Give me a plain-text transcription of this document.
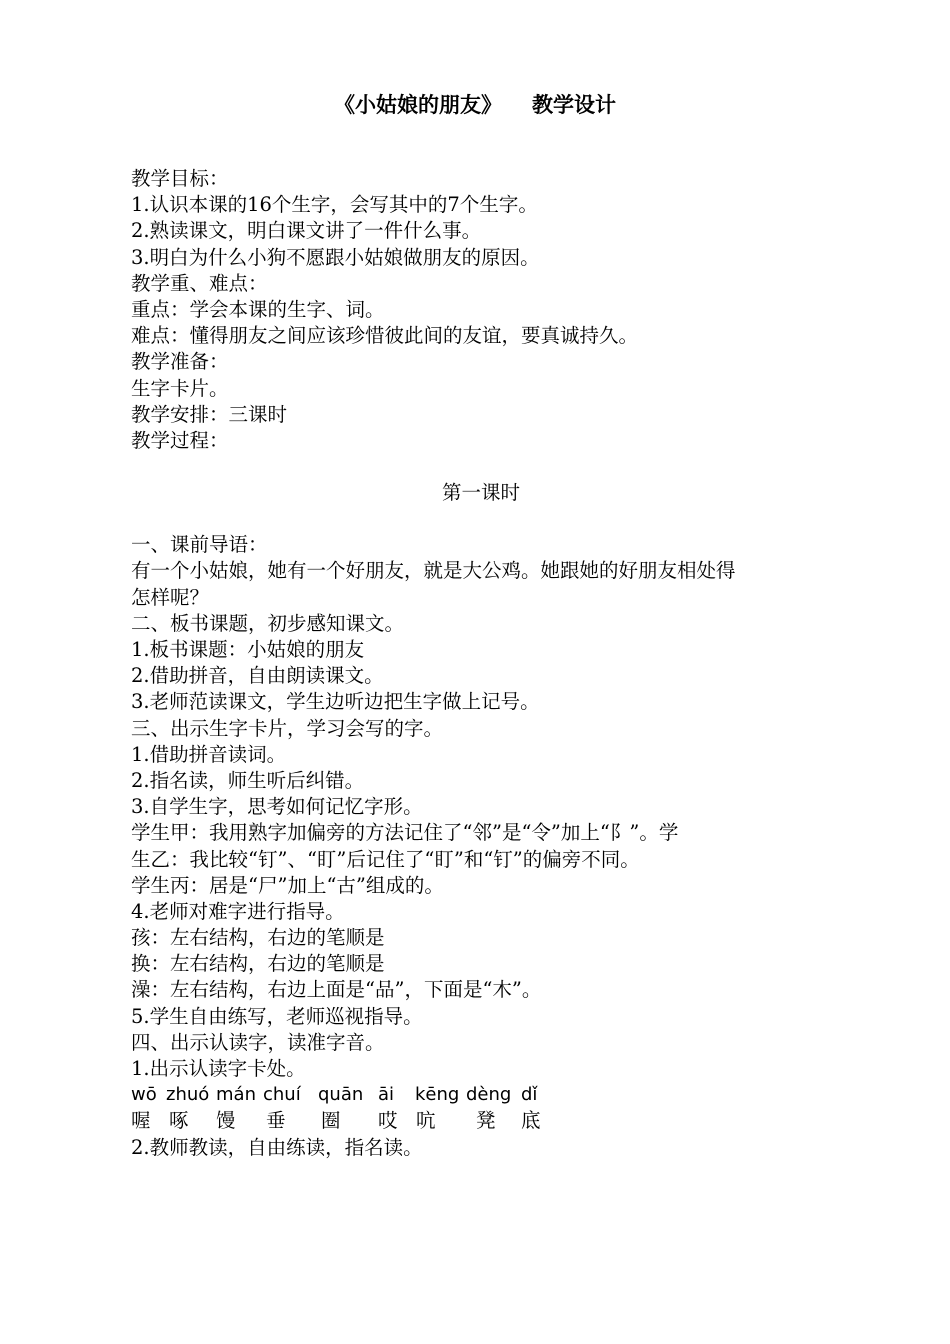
《小姑娘的朋友》 教学设计
教学目标：
1.认识本课的16个生字，会写其中的7个生字。
2.熟读课文，明白课文讲了一件什么事。
3.明白为什么小狗不愿跟小姑娘做朋友的原因。
教学重、难点：
重点：学会本课的生字、词。
难点：懂得朋友之间应该珍惜彼此间的友谊，要真诚持久。
教学准备：
生字卡片。
教学安排：三课时
教学过程：
第一课时
一、课前导语：
有一个小姑娘，她有一个好朋友，就是大公鸡。她跟她的好朋友相处得
怎样呢？
二、板书课题，初步感知课文。
1.板书课题：小姑娘的朋友
2.借助拼音，自由朗读课文。
3.老师范读课文，学生边听边把生字做上记号。
三、出示生字卡片，学习会写的字。
1.借助拼音读词。
2.指名读，师生听后纠错。
3.自学生字，思考如何记忆字形。
学生甲：我用熟字加偏旁的方法记住了“邻”是“令”加上“阝”。学
生乙：我比较“钉”、“盯”后记住了“盯”和“钉”的偏旁不同。
学生丙：居是“尸”加上“古”组成的。
4.老师对难字进行指导。
孩：左右结构，右边的笔顺是
换：左右结构，右边的笔顺是
澡：左右结构，右边上面是“品”，下面是“木”。
5.学生自由练写，老师巡视指导。
四、出示认读字，读准字音。
1.出示认读字卡处。
wō zhuó mán chuí quān āi kēng dèng dǐ
喔 啄 馒 垂 圈 哎 吭 凳 底
2.教师教读，自由练读，指名读。
